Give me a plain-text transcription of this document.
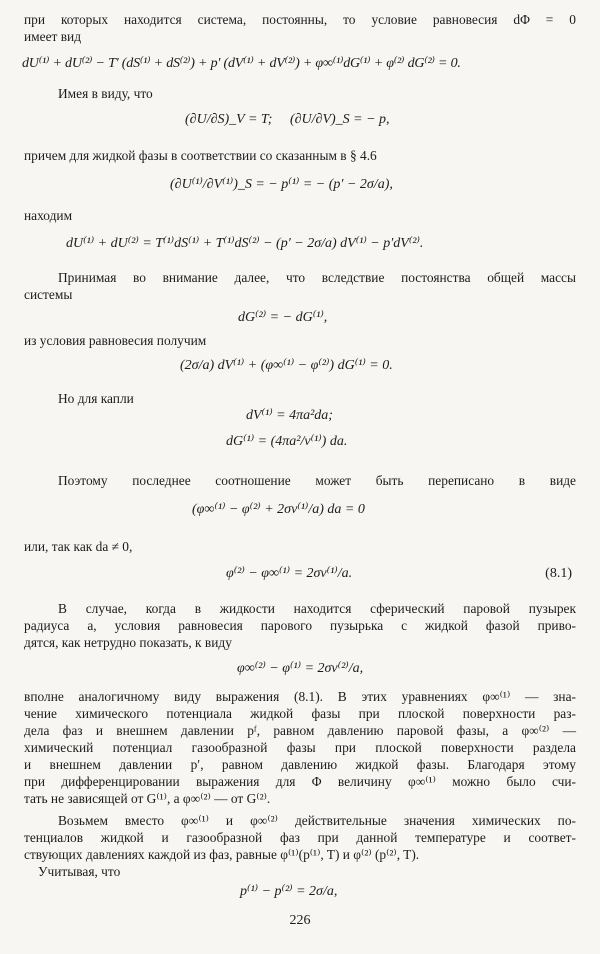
при которых находится система, постоянны, то условие равновесия dΦ = 0
имеет вид
dU⁽¹⁾ + dU⁽²⁾ − T′ (dS⁽¹⁾ + dS⁽²⁾) + p′ (dV⁽¹⁾ + dV⁽²⁾) + φ∞⁽¹⁾dG⁽¹⁾ + φ⁽²⁾ dG⁽²⁾ = 0.
Имея в виду, что
(∂U/∂S)_V = T; (∂U/∂V)_S = − p,
причем для жидкой фазы в соответствии со сказанным в § 4.6
(∂U⁽¹⁾/∂V⁽¹⁾)_S = − p⁽¹⁾ = − (p′ − 2σ/a),
находим
dU⁽¹⁾ + dU⁽²⁾ = T⁽¹⁾dS⁽¹⁾ + T⁽¹⁾dS⁽²⁾ − (p′ − 2σ/a) dV⁽¹⁾ − p′dV⁽²⁾.
Принимая во внимание далее, что вследствие постоянства общей массы
системы
dG⁽²⁾ = − dG⁽¹⁾,
из условия равновесия получим
(2σ/a) dV⁽¹⁾ + (φ∞⁽¹⁾ − φ⁽²⁾) dG⁽¹⁾ = 0.
Но для капли
dV⁽¹⁾ = 4πa²da;
dG⁽¹⁾ = (4πa²/v⁽¹⁾) da.
Поэтому последнее соотношение может быть переписано в виде
(φ∞⁽¹⁾ − φ⁽²⁾ + 2σv⁽¹⁾/a) da = 0
или, так как da ≠ 0,
φ⁽²⁾ − φ∞⁽¹⁾ = 2σv⁽¹⁾/a.	(8.1)
В случае, когда в жидкости находится сферический паровой пузырек
радиуса a, условия равновесия парового пузырька с жидкой фазой приво-
дятся, как нетрудно показать, к виду
φ∞⁽²⁾ − φ⁽¹⁾ = 2σv⁽²⁾/a,
вполне аналогичному виду выражения (8.1). В этих уравнениях φ∞⁽¹⁾ — зна-
чение химического потенциала жидкой фазы при плоской поверхности раз-
дела фаз и внешнем давлении pᶠ, равном давлению паровой фазы, а φ∞⁽²⁾ —
химический потенциал газообразной фазы при плоской поверхности раздела
и внешнем давлении p′, равном давлению жидкой фазы. Благодаря этому
при дифференцировании выражения для Φ величину φ∞⁽¹⁾ можно было счи-
тать не зависящей от G⁽¹⁾, а φ∞⁽²⁾ — от G⁽²⁾.
Возьмем вместо φ∞⁽¹⁾ и φ∞⁽²⁾ действительные значения химических по-
тенциалов жидкой и газообразной фаз при данной температуре и соответ-
ствующих давлениях каждой из фаз, равные φ⁽¹⁾(p⁽¹⁾, T) и φ⁽²⁾ (p⁽²⁾, T).
Учитывая, что
p⁽¹⁾ − p⁽²⁾ = 2σ/a,
226
